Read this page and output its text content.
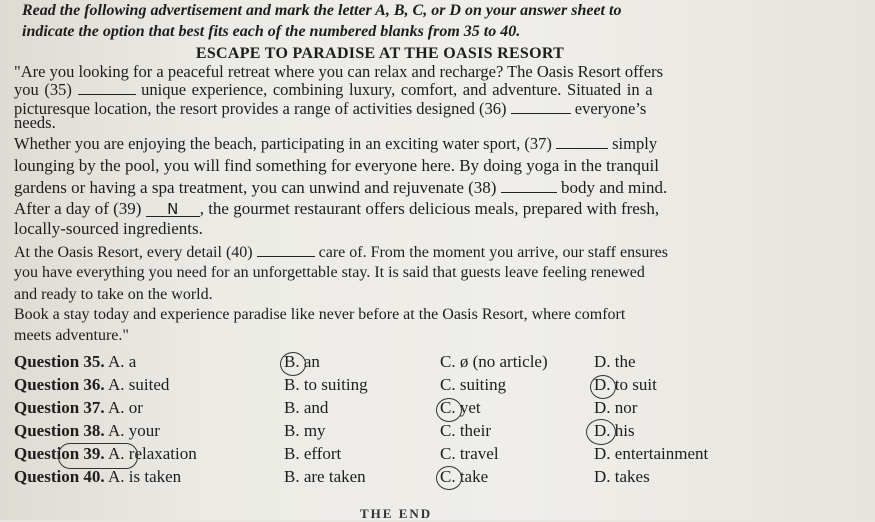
Read the following advertisement and mark the letter A, B, C, or D on your answer sheet to
indicate the option that best fits each of the numbered blanks from 35 to 40.
ESCAPE TO PARADISE AT THE OASIS RESORT
"Are you looking for a peaceful retreat where you can relax and recharge? The Oasis Resort offers
you (35)	unique experience, combining luxury, comfort, and adventure. Situated in a
picturesque location, the resort provides a range of activities designed (36)	everyone’s
needs.
Whether you are enjoying the beach, participating in an exciting water sport, (37)	simply
lounging by the pool, you will find something for everyone here. By doing yoga in the tranquil
gardens or having a spa treatment, you can unwind and rejuvenate (38)	body and mind.
After a day of (39) N , the gourmet restaurant offers delicious meals, prepared with fresh,
locally-sourced ingredients.
At the Oasis Resort, every detail (40)	care of. From the moment you arrive, our staff ensures
you have everything you need for an unforgettable stay. It is said that guests leave feeling renewed
and ready to take on the world.
Book a stay today and experience paradise like never before at the Oasis Resort, where comfort
meets adventure."
Question 35. A. a	B. an	C. ø (no article)	D. the
Question 36. A. suited	B. to suiting	C. suiting	D. to suit
Question 37. A. or	B. and	C. yet	D. nor
Question 38. A. your	B. my	C. their	D. his
Question 39. A. relaxation	B. effort	C. travel	D. entertainment
Question 40. A. is taken	B. are taken	C. take	D. takes
THE END
